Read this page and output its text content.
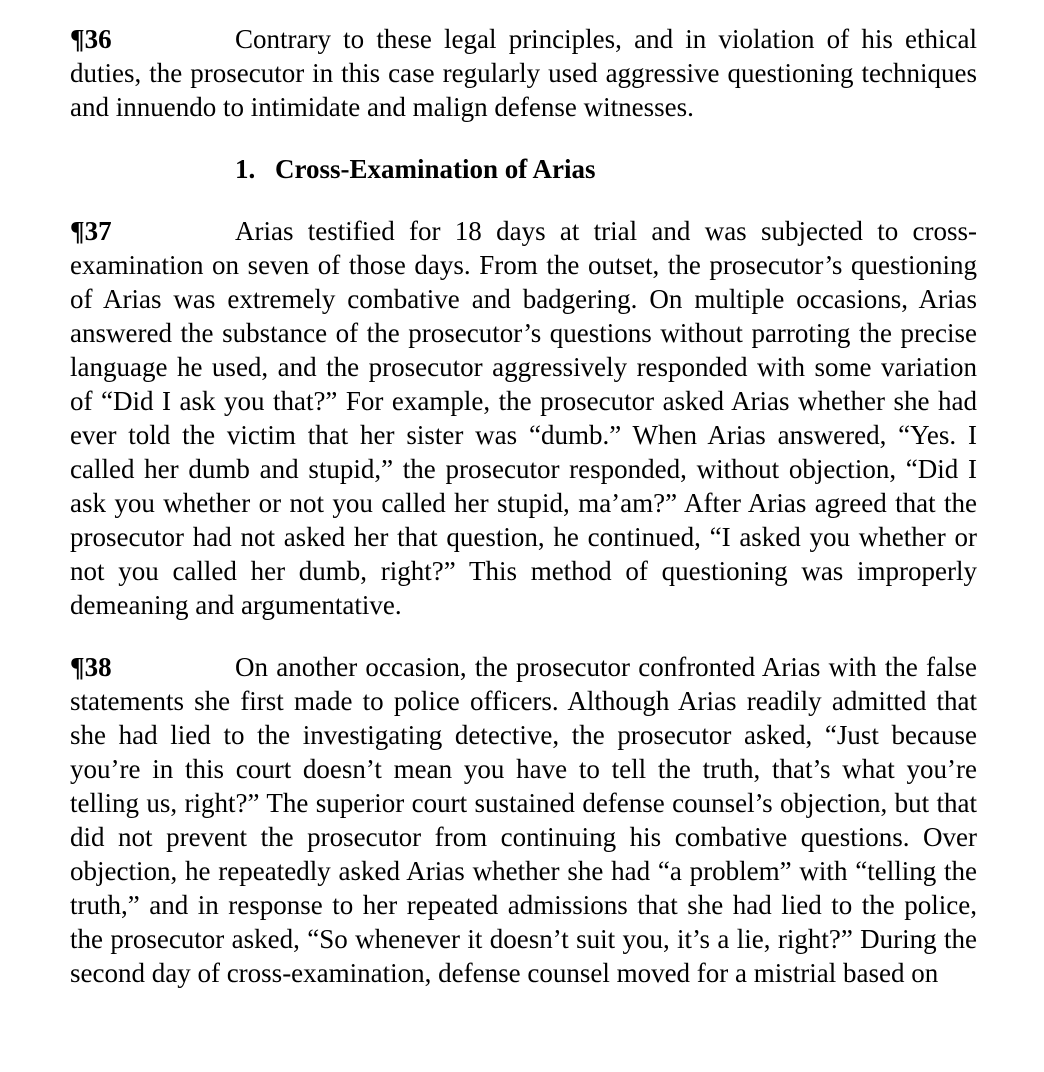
¶36	Contrary to these legal principles, and in violation of his ethical duties, the prosecutor in this case regularly used aggressive questioning techniques and innuendo to intimidate and malign defense witnesses.

1. Cross-Examination of Arias

¶37	Arias testified for 18 days at trial and was subjected to cross-examination on seven of those days. From the outset, the prosecutor’s questioning of Arias was extremely combative and badgering. On multiple occasions, Arias answered the substance of the prosecutor’s questions without parroting the precise language he used, and the prosecutor aggressively responded with some variation of “Did I ask you that?” For example, the prosecutor asked Arias whether she had ever told the victim that her sister was “dumb.” When Arias answered, “Yes. I called her dumb and stupid,” the prosecutor responded, without objection, “Did I ask you whether or not you called her stupid, ma’am?” After Arias agreed that the prosecutor had not asked her that question, he continued, “I asked you whether or not you called her dumb, right?” This method of questioning was improperly demeaning and argumentative.

¶38	On another occasion, the prosecutor confronted Arias with the false statements she first made to police officers. Although Arias readily admitted that she had lied to the investigating detective, the prosecutor asked, “Just because you’re in this court doesn’t mean you have to tell the truth, that’s what you’re telling us, right?” The superior court sustained defense counsel’s objection, but that did not prevent the prosecutor from continuing his combative questions. Over objection, he repeatedly asked Arias whether she had “a problem” with “telling the truth,” and in response to her repeated admissions that she had lied to the police, the prosecutor asked, “So whenever it doesn’t suit you, it’s a lie, right?” During the second day of cross-examination, defense counsel moved for a mistrial based on
